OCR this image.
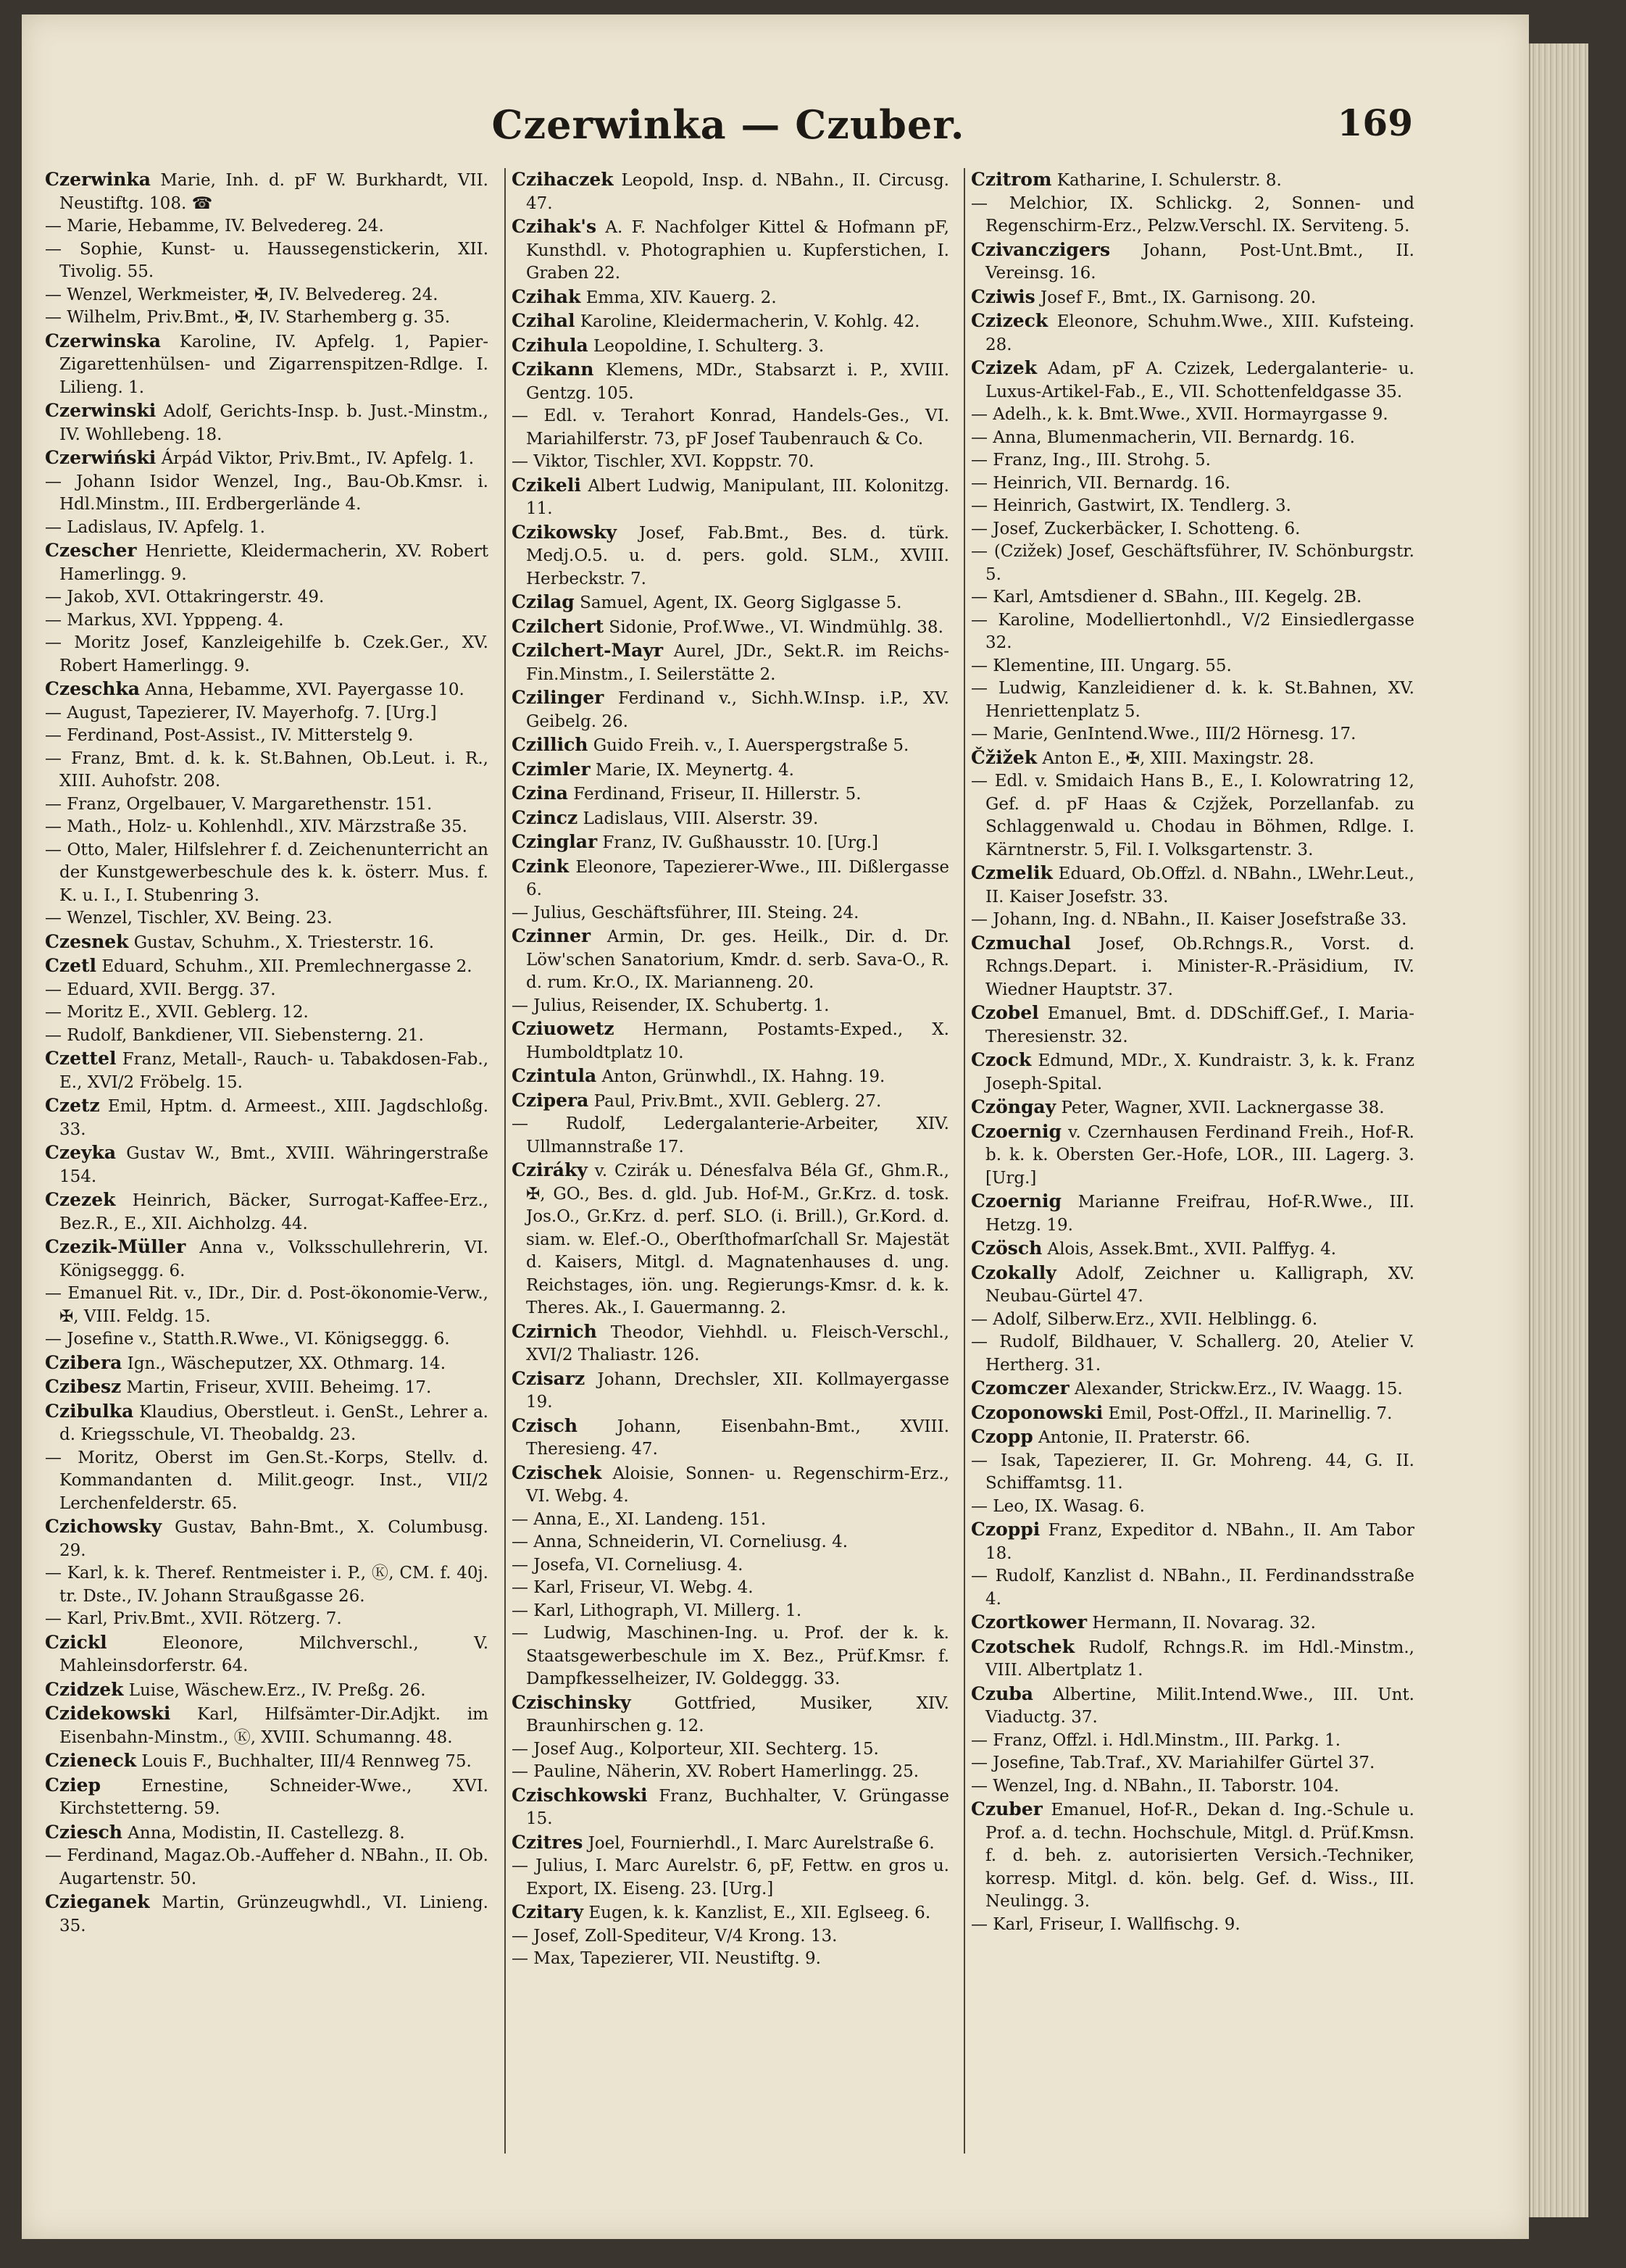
Czerwinka — Czuber.	169

Czerwinka Marie, Inh. d. pF W. Burkhardt, VII. Neustiftg. 108. ☎

— Marie, Hebamme, IV. Belvedereg. 24.

— Sophie, Kunst- u. Haussegenstickerin, XII. Tivolig. 55.

— Wenzel, Werkmeister, ✠, IV. Belvedereg. 24.

— Wilhelm, Priv.Bmt., ✠, IV. Starhemberg g. 35.

Czerwinska Karoline, IV. Apfelg. 1, Papier-Zigarettenhülsen- und Zigarrenspitzen-Rdlge. I. Lilieng. 1.

Czerwinski Adolf, Gerichts-Insp. b. Just.-Minstm., IV. Wohllebeng. 18.

Czerwiński Árpád Viktor, Priv.Bmt., IV. Apfelg. 1.

— Johann Isidor Wenzel, Ing., Bau-Ob.Kmsr. i. Hdl.Minstm., III. Erdbergerlände 4.

— Ladislaus, IV. Apfelg. 1.

Czescher Henriette, Kleidermacherin, XV. Robert Hamerlingg. 9.

— Jakob, XVI. Ottakringerstr. 49.

— Markus, XVI. Ypppeng. 4.

— Moritz Josef, Kanzleigehilfe b. Czek.Ger., XV. Robert Hamerlingg. 9.

Czeschka Anna, Hebamme, XVI. Payergasse 10.

— August, Tapezierer, IV. Mayerhofg. 7. [Urg.]

— Ferdinand, Post-Assist., IV. Mitterstelg 9.

— Franz, Bmt. d. k. k. St.Bahnen, Ob.Leut. i. R., XIII. Auhofstr. 208.

— Franz, Orgelbauer, V. Margarethenstr. 151.

— Math., Holz- u. Kohlenhdl., XIV. Märzstraße 35.

— Otto, Maler, Hilfslehrer f. d. Zeichenunterricht an der Kunstgewerbeschule des k. k. österr. Mus. f. K. u. I., I. Stubenring 3.

— Wenzel, Tischler, XV. Being. 23.

Czesnek Gustav, Schuhm., X. Triesterstr. 16.

Czetl Eduard, Schuhm., XII. Premlechnergasse 2.

— Eduard, XVII. Bergg. 37.

— Moritz E., XVII. Geblerg. 12.

— Rudolf, Bankdiener, VII. Siebensterng. 21.

Czettel Franz, Metall-, Rauch- u. Tabakdosen-Fab., E., XVI/2 Fröbelg. 15.

Czetz Emil, Hptm. d. Armeest., XIII. Jagdschloßg. 33.

Czeyka Gustav W., Bmt., XVIII. Währingerstraße 154.

Czezek Heinrich, Bäcker, Surrogat-Kaffee-Erz., Bez.R., E., XII. Aichholzg. 44.

Czezik-Müller Anna v., Volksschullehrerin, VI. Königseggg. 6.

— Emanuel Rit. v., IDr., Dir. d. Post-ökonomie-Verw., ✠, VIII. Feldg. 15.

— Josefine v., Statth.R.Wwe., VI. Königseggg. 6.

Czibera Ign., Wäscheputzer, XX. Othmarg. 14.

Czibesz Martin, Friseur, XVIII. Beheimg. 17.

Czibulka Klaudius, Oberstleut. i. GenSt., Lehrer a. d. Kriegsschule, VI. Theobaldg. 23.

— Moritz, Oberst im Gen.St.-Korps, Stellv. d. Kommandanten d. Milit.geogr. Inst., VII/2 Lerchenfelderstr. 65.

Czichowsky Gustav, Bahn-Bmt., X. Columbusg. 29.

— Karl, k. k. Theref. Rentmeister i. P., Ⓚ, CM. f. 40j. tr. Dste., IV. Johann Straußgasse 26.

— Karl, Priv.Bmt., XVII. Rötzerg. 7.

Czickl Eleonore, Milchverschl., V. Mahleinsdorferstr. 64.

Czidzek Luise, Wäschew.Erz., IV. Preßg. 26.

Czidekowski Karl, Hilfsämter-Dir.Adjkt. im Eisenbahn-Minstm., Ⓚ, XVIII. Schumanng. 48.

Czieneck Louis F., Buchhalter, III/4 Rennweg 75.

Cziep Ernestine, Schneider-Wwe., XVI. Kirchstetterng. 59.

Cziesch Anna, Modistin, II. Castellezg. 8.

— Ferdinand, Magaz.Ob.-Auffeher d. NBahn., II. Ob. Augartenstr. 50.

Czieganek Martin, Grünzeugwhdl., VI. Linieng. 35.

Czihaczek Leopold, Insp. d. NBahn., II. Circusg. 47.

Czihak's A. F. Nachfolger Kittel & Hofmann pF, Kunsthdl. v. Photographien u. Kupferstichen, I. Graben 22.

Czihak Emma, XIV. Kauerg. 2.

Czihal Karoline, Kleidermacherin, V. Kohlg. 42.

Czihula Leopoldine, I. Schulterg. 3.

Czikann Klemens, MDr., Stabsarzt i. P., XVIII. Gentzg. 105.

— Edl. v. Terahort Konrad, Handels-Ges., VI. Mariahilferstr. 73, pF Josef Taubenrauch & Co.

— Viktor, Tischler, XVI. Koppstr. 70.

Czikeli Albert Ludwig, Manipulant, III. Kolonitzg. 11.

Czikowsky Josef, Fab.Bmt., Bes. d. türk. Medj.O.5. u. d. pers. gold. SLM., XVIII. Herbeckstr. 7.

Czilag Samuel, Agent, IX. Georg Siglgasse 5.

Czilchert Sidonie, Prof.Wwe., VI. Windmühlg. 38.

Czilchert-Mayr Aurel, JDr., Sekt.R. im Reichs-Fin.Minstm., I. Seilerstätte 2.

Czilinger Ferdinand v., Sichh.W.Insp. i.P., XV. Geibelg. 26.

Czillich Guido Freih. v., I. Auerspergstraße 5.

Czimler Marie, IX. Meynertg. 4.

Czina Ferdinand, Friseur, II. Hillerstr. 5.

Czincz Ladislaus, VIII. Alserstr. 39.

Czinglar Franz, IV. Gußhausstr. 10. [Urg.]

Czink Eleonore, Tapezierer-Wwe., III. Dißlergasse 6.

— Julius, Geschäftsführer, III. Steing. 24.

Czinner Armin, Dr. ges. Heilk., Dir. d. Dr. Löw'schen Sanatorium, Kmdr. d. serb. Sava-O., R. d. rum. Kr.O., IX. Marianneng. 20.

— Julius, Reisender, IX. Schubertg. 1.

Cziuowetz Hermann, Postamts-Exped., X. Humboldtplatz 10.

Czintula Anton, Grünwhdl., IX. Hahng. 19.

Czipera Paul, Priv.Bmt., XVII. Geblerg. 27.

— Rudolf, Ledergalanterie-Arbeiter, XIV. Ullmannstraße 17.

Cziráky v. Czirák u. Dénesfalva Béla Gf., Ghm.R., ✠, GO., Bes. d. gld. Jub. Hof-M., Gr.Krz. d. tosk. Jos.O., Gr.Krz. d. perf. SLO. (i. Brill.), Gr.Kord. d. siam. w. Elef.-O., Oberſthofmarſchall Sr. Majestät d. Kaisers, Mitgl. d. Magnatenhauses d. ung. Reichstages, iön. ung. Regierungs-Kmsr. d. k. k. Theres. Ak., I. Gauermanng. 2.

Czirnich Theodor, Viehhdl. u. Fleisch-Verschl., XVI/2 Thaliastr. 126.

Czisarz Johann, Drechsler, XII. Kollmayergasse 19.

Czisch Johann, Eisenbahn-Bmt., XVIII. Theresieng. 47.

Czischek Aloisie, Sonnen- u. Regenschirm-Erz., VI. Webg. 4.

— Anna, E., XI. Landeng. 151.

— Anna, Schneiderin, VI. Corneliusg. 4.

— Josefa, VI. Corneliusg. 4.

— Karl, Friseur, VI. Webg. 4.

— Karl, Lithograph, VI. Millerg. 1.

— Ludwig, Maschinen-Ing. u. Prof. der k. k. Staatsgewerbeschule im X. Bez., Prüf.Kmsr. f. Dampfkesselheizer, IV. Goldeggg. 33.

Czischinsky Gottfried, Musiker, XIV. Braunhirschen g. 12.

— Josef Aug., Kolporteur, XII. Sechterg. 15.

— Pauline, Näherin, XV. Robert Hamerlingg. 25.

Czischkowski Franz, Buchhalter, V. Grüngasse 15.

Czitres Joel, Fournierhdl., I. Marc Aurelstraße 6.

— Julius, I. Marc Aurelstr. 6, pF, Fettw. en gros u. Export, IX. Eiseng. 23. [Urg.]

Czitary Eugen, k. k. Kanzlist, E., XII. Eglseeg. 6.

— Josef, Zoll-Spediteur, V/4 Krong. 13.

— Max, Tapezierer, VII. Neustiftg. 9.

Czitrom Katharine, I. Schulerstr. 8.

— Melchior, IX. Schlickg. 2, Sonnen- und Regenschirm-Erz., Pelzw.Verschl. IX. Serviteng. 5.

Czivanczigers Johann, Post-Unt.Bmt., II. Vereinsg. 16.

Cziwis Josef F., Bmt., IX. Garnisong. 20.

Czizeck Eleonore, Schuhm.Wwe., XIII. Kufsteing. 28.

Czizek Adam, pF A. Czizek, Ledergalanterie- u. Luxus-Artikel-Fab., E., VII. Schottenfeldgasse 35.

— Adelh., k. k. Bmt.Wwe., XVII. Hormayrgasse 9.

— Anna, Blumenmacherin, VII. Bernardg. 16.

— Franz, Ing., III. Strohg. 5.

— Heinrich, VII. Bernardg. 16.

— Heinrich, Gastwirt, IX. Tendlerg. 3.

— Josef, Zuckerbäcker, I. Schotteng. 6.

— (Czižek) Josef, Geschäftsführer, IV. Schönburgstr. 5.

— Karl, Amtsdiener d. SBahn., III. Kegelg. 2B.

— Karoline, Modelliertonhdl., V/2 Einsiedlergasse 32.

— Klementine, III. Ungarg. 55.

— Ludwig, Kanzleidiener d. k. k. St.Bahnen, XV. Henriettenplatz 5.

— Marie, GenIntend.Wwe., III/2 Hörnesg. 17.

Čžižek Anton E., ✠, XIII. Maxingstr. 28.

— Edl. v. Smidaich Hans B., E., I. Kolowratring 12, Gef. d. pF Haas & Czjžek, Porzellanfab. zu Schlaggenwald u. Chodau in Böhmen, Rdlge. I. Kärntnerstr. 5, Fil. I. Volksgartenstr. 3.

Czmelik Eduard, Ob.Offzl. d. NBahn., LWehr.Leut., II. Kaiser Josefstr. 33.

— Johann, Ing. d. NBahn., II. Kaiser Josefstraße 33.

Czmuchal Josef, Ob.Rchngs.R., Vorst. d. Rchngs.Depart. i. Minister-R.-Präsidium, IV. Wiedner Hauptstr. 37.

Czobel Emanuel, Bmt. d. DDSchiff.Gef., I. Maria-Theresienstr. 32.

Czock Edmund, MDr., X. Kundraistr. 3, k. k. Franz Joseph-Spital.

Czöngay Peter, Wagner, XVII. Lacknergasse 38.

Czoernig v. Czernhausen Ferdinand Freih., Hof-R. b. k. k. Obersten Ger.-Hofe, LOR., III. Lagerg. 3. [Urg.]

Czoernig Marianne Freifrau, Hof-R.Wwe., III. Hetzg. 19.

Czösch Alois, Assek.Bmt., XVII. Palffyg. 4.

Czokally Adolf, Zeichner u. Kalligraph, XV. Neubau-Gürtel 47.

— Adolf, Silberw.Erz., XVII. Helblingg. 6.

— Rudolf, Bildhauer, V. Schallerg. 20, Atelier V. Hertherg. 31.

Czomczer Alexander, Strickw.Erz., IV. Waagg. 15.

Czoponowski Emil, Post-Offzl., II. Marinellig. 7.

Czopp Antonie, II. Praterstr. 66.

— Isak, Tapezierer, II. Gr. Mohreng. 44, G. II. Schiffamtsg. 11.

— Leo, IX. Wasag. 6.

Czoppi Franz, Expeditor d. NBahn., II. Am Tabor 18.

— Rudolf, Kanzlist d. NBahn., II. Ferdinandsstraße 4.

Czortkower Hermann, II. Novarag. 32.

Czotschek Rudolf, Rchngs.R. im Hdl.-Minstm., VIII. Albertplatz 1.

Czuba Albertine, Milit.Intend.Wwe., III. Unt. Viaductg. 37.

— Franz, Offzl. i. Hdl.Minstm., III. Parkg. 1.

— Josefine, Tab.Traf., XV. Mariahilfer Gürtel 37.

— Wenzel, Ing. d. NBahn., II. Taborstr. 104.

Czuber Emanuel, Hof-R., Dekan d. Ing.-Schule u. Prof. a. d. techn. Hochschule, Mitgl. d. Prüf.Kmsn. f. d. beh. z. autorisierten Versich.-Techniker, korresp. Mitgl. d. kön. belg. Gef. d. Wiss., III. Neulingg. 3.

— Karl, Friseur, I. Wallfischg. 9.
